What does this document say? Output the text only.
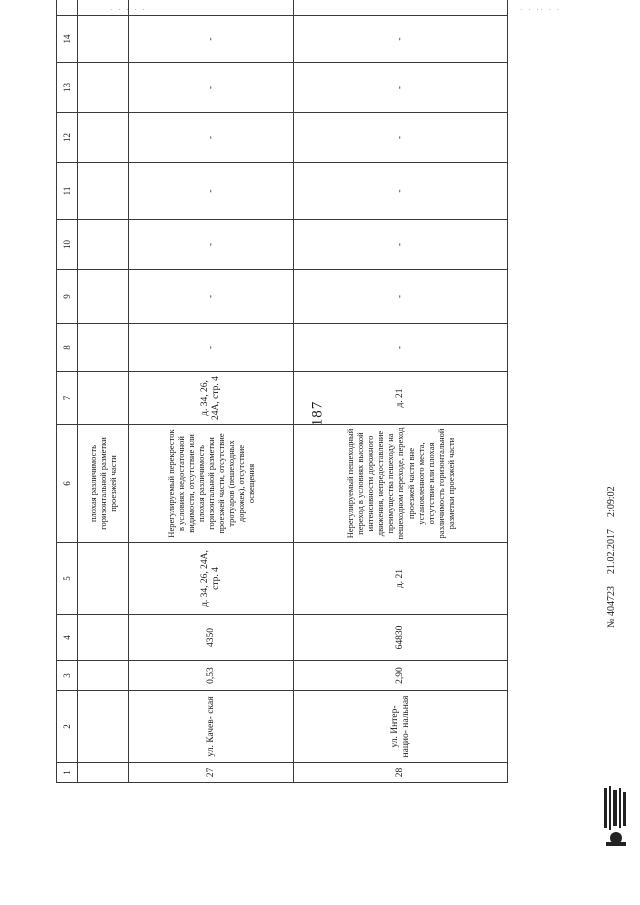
· · · · ·	· · ·· · ·
187
1	2	3	4	5	6	7	8	9	10	11	12	13	14	
					плохая различимость горизонтальной разметки проезжей части									
27	ул. Качев- ская	0,53	4350	д. 34, 26, 24А, стр. 4	Нерегулируемый перекресток в условиях недостаточной видимости, отсутствие или плохая различимость горизонтальной разметки проезжей части, отсутствие тротуаров (пешеходных дорожек), отсутствие освещения	д. 34, 26, 24А, стр. 4	-	-	-	-	-	-	-	
28	ул. Интер- нацио- нальная	2,90	64830	д. 21	Нерегулируемый пешеходный переход в условиях высокой интенсивности дорожного движения, непредоставление преимущества пешеходу на пешеходном переходе, переход проезжей части вне установленного места, отсутствие или плохая различимость горизонтальной разметки проезжей части	д. 21	-	-	-	-	-	-	-	
№ 40472З21.02.20172:09:02
